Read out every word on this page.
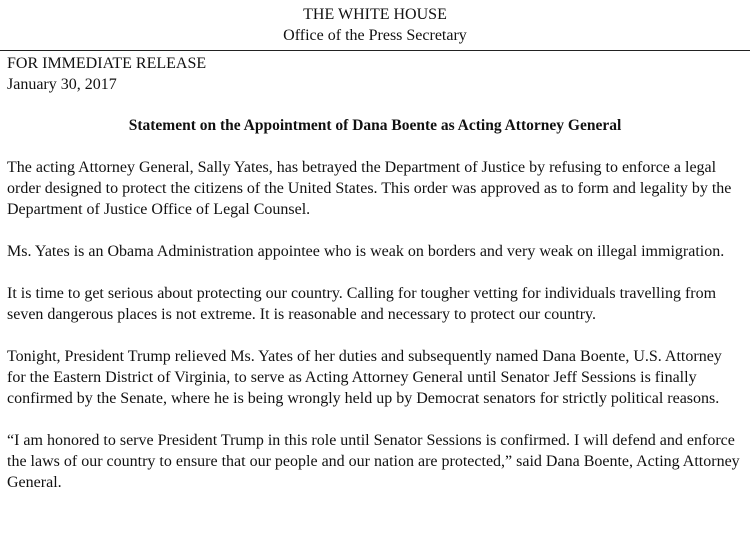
THE WHITE HOUSE
Office of the Press Secretary
FOR IMMEDIATE RELEASE
January 30, 2017
Statement on the Appointment of Dana Boente as Acting Attorney General

The acting Attorney General, Sally Yates, has betrayed the Department of Justice by refusing to enforce a legal order designed to protect the citizens of the United States. This order was approved as to form and legality by the Department of Justice Office of Legal Counsel.

Ms. Yates is an Obama Administration appointee who is weak on borders and very weak on illegal immigration.

It is time to get serious about protecting our country. Calling for tougher vetting for individuals travelling from seven dangerous places is not extreme. It is reasonable and necessary to protect our country.

Tonight, President Trump relieved Ms. Yates of her duties and subsequently named Dana Boente, U.S. Attorney for the Eastern District of Virginia, to serve as Acting Attorney General until Senator Jeff Sessions is finally confirmed by the Senate, where he is being wrongly held up by Democrat senators for strictly political reasons.

“I am honored to serve President Trump in this role until Senator Sessions is confirmed. I will defend and enforce the laws of our country to ensure that our people and our nation are protected,” said Dana Boente, Acting Attorney General.
